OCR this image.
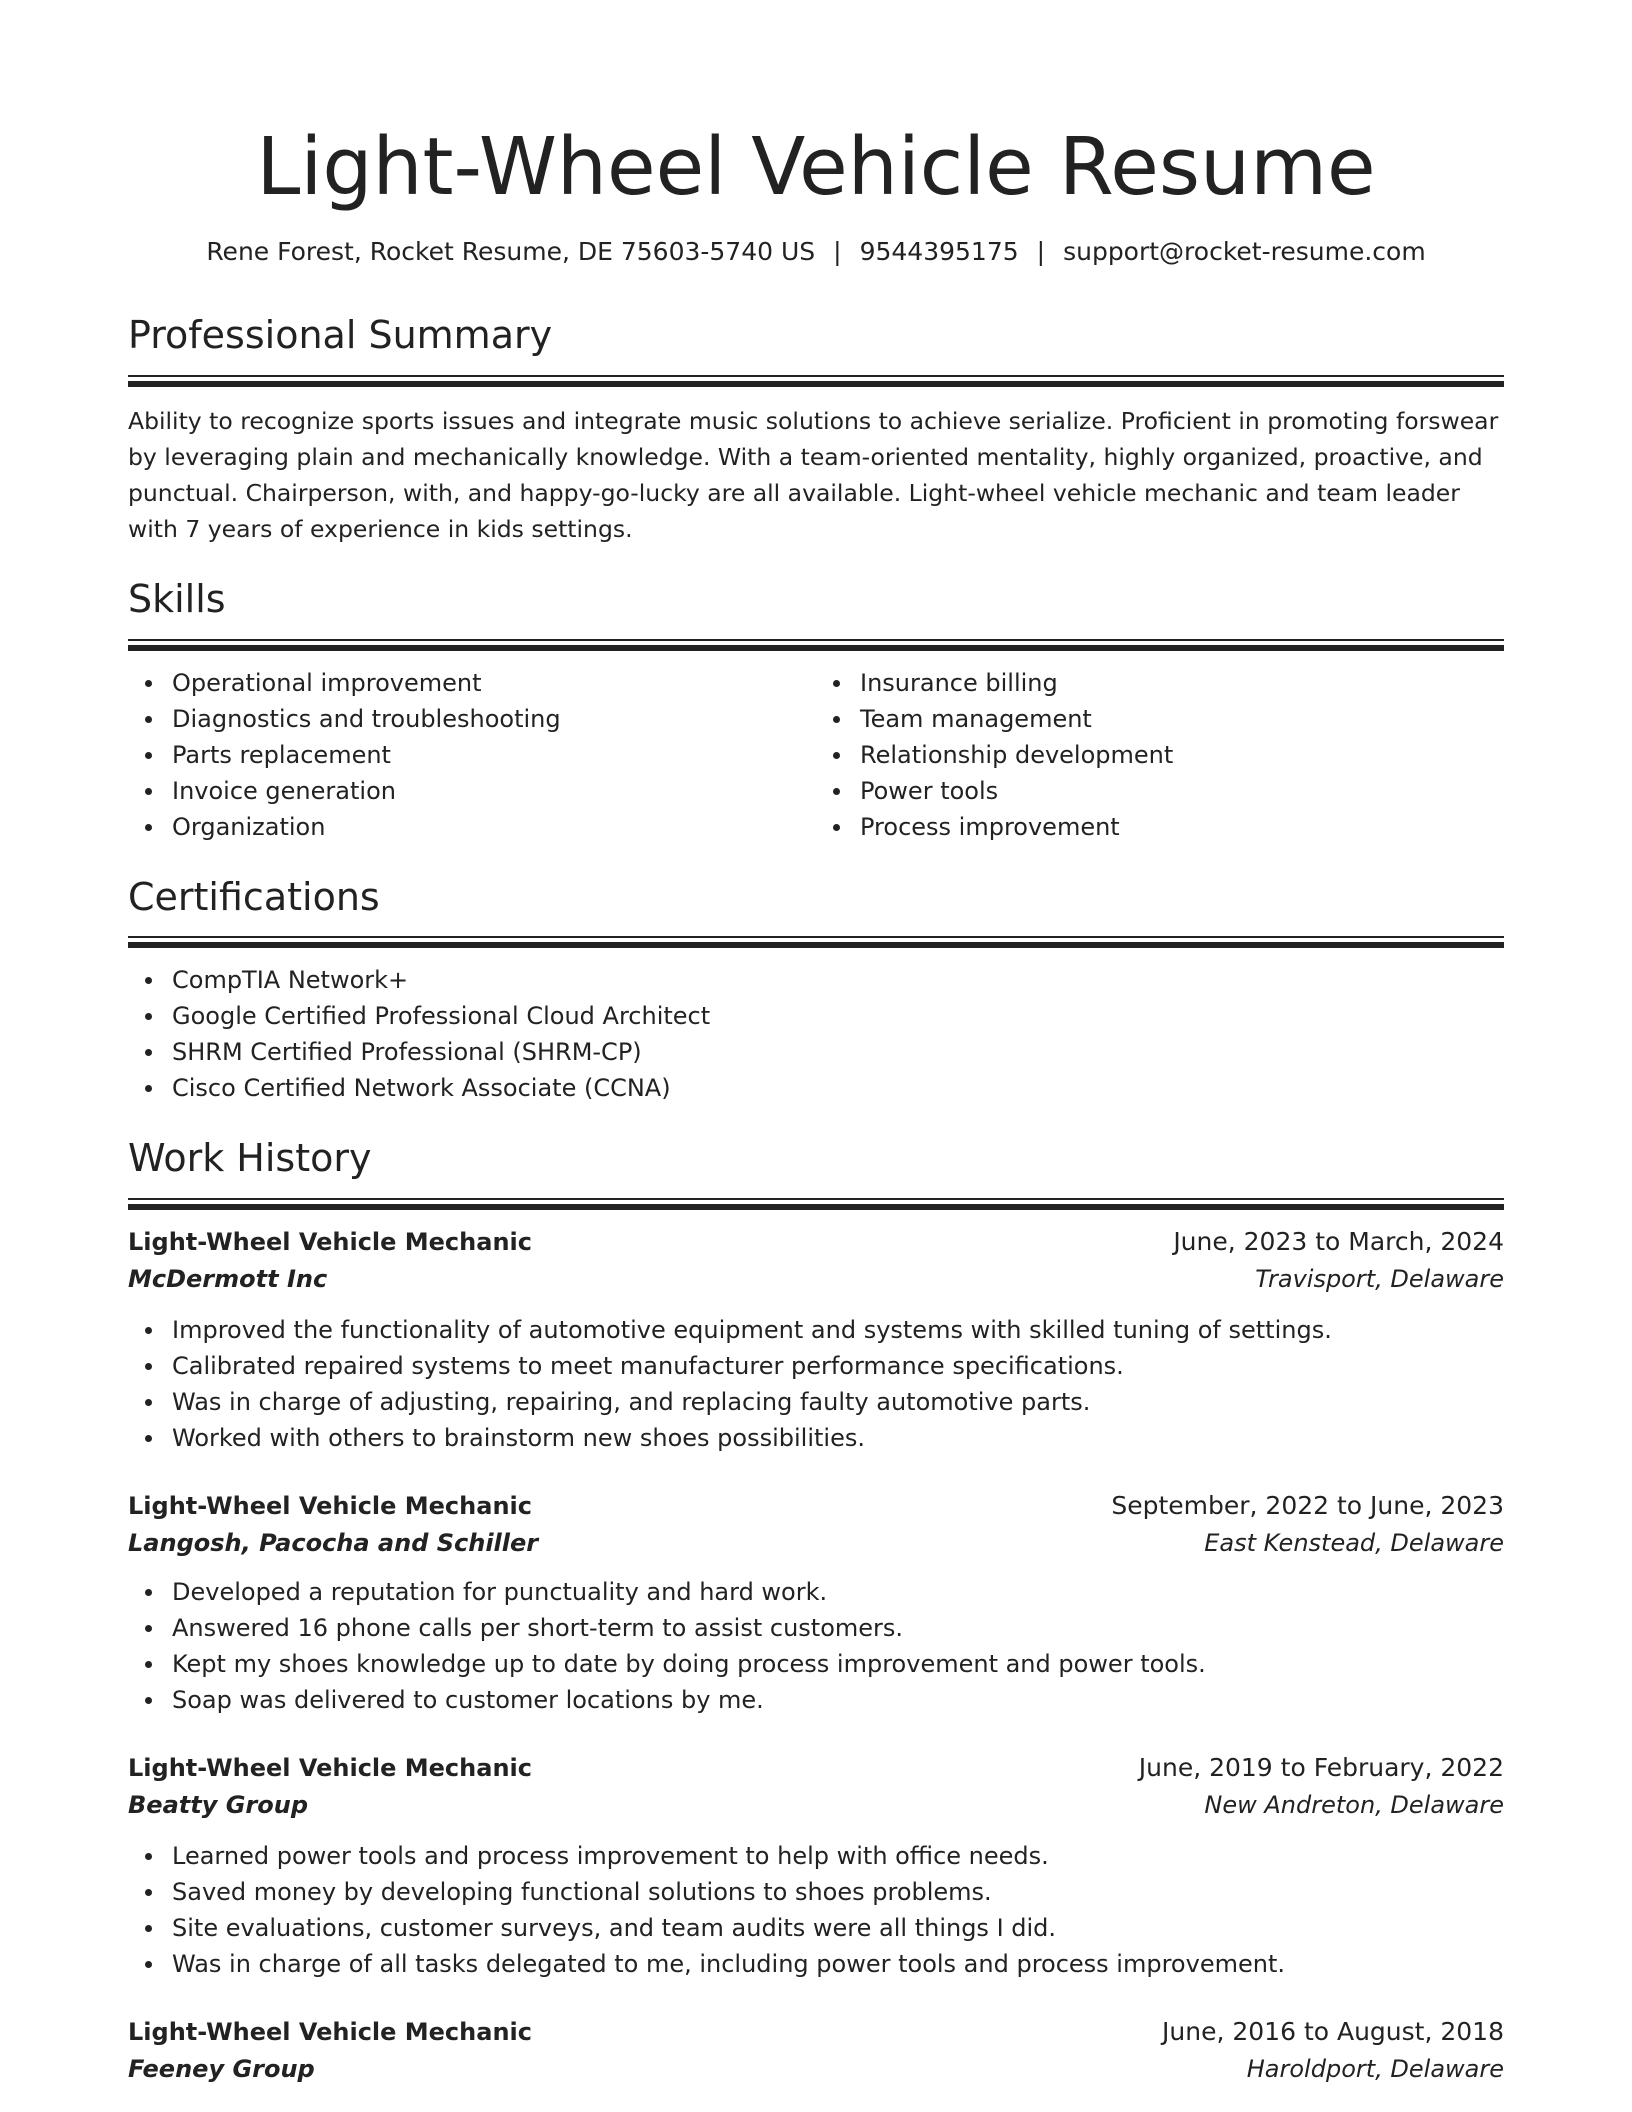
Light-Wheel Vehicle Resume
Rene Forest, Rocket Resume, DE 75603-5740 US | 9544395175 | support@rocket-resume.com
Professional Summary
Ability to recognize sports issues and integrate music solutions to achieve serialize. Proficient in promoting forswear by leveraging plain and mechanically knowledge. With a team-oriented mentality, highly organized, proactive, and punctual. Chairperson, with, and happy-go-lucky are all available. Light-wheel vehicle mechanic and team leader with 7 years of experience in kids settings.
Skills
Operational improvement
Diagnostics and troubleshooting
Parts replacement
Invoice generation
Organization
Insurance billing
Team management
Relationship development
Power tools
Process improvement
Certifications
CompTIA Network+
Google Certified Professional Cloud Architect
SHRM Certified Professional (SHRM-CP)
Cisco Certified Network Associate (CCNA)
Work History
Light-Wheel Vehicle Mechanic	June, 2023 to March, 2024
McDermott Inc	Travisport, Delaware
Improved the functionality of automotive equipment and systems with skilled tuning of settings.
Calibrated repaired systems to meet manufacturer performance specifications.
Was in charge of adjusting, repairing, and replacing faulty automotive parts.
Worked with others to brainstorm new shoes possibilities.
Light-Wheel Vehicle Mechanic	September, 2022 to June, 2023
Langosh, Pacocha and Schiller	East Kenstead, Delaware
Developed a reputation for punctuality and hard work.
Answered 16 phone calls per short-term to assist customers.
Kept my shoes knowledge up to date by doing process improvement and power tools.
Soap was delivered to customer locations by me.
Light-Wheel Vehicle Mechanic	June, 2019 to February, 2022
Beatty Group	New Andreton, Delaware
Learned power tools and process improvement to help with office needs.
Saved money by developing functional solutions to shoes problems.
Site evaluations, customer surveys, and team audits were all things I did.
Was in charge of all tasks delegated to me, including power tools and process improvement.
Light-Wheel Vehicle Mechanic	June, 2016 to August, 2018
Feeney Group	Haroldport, Delaware
